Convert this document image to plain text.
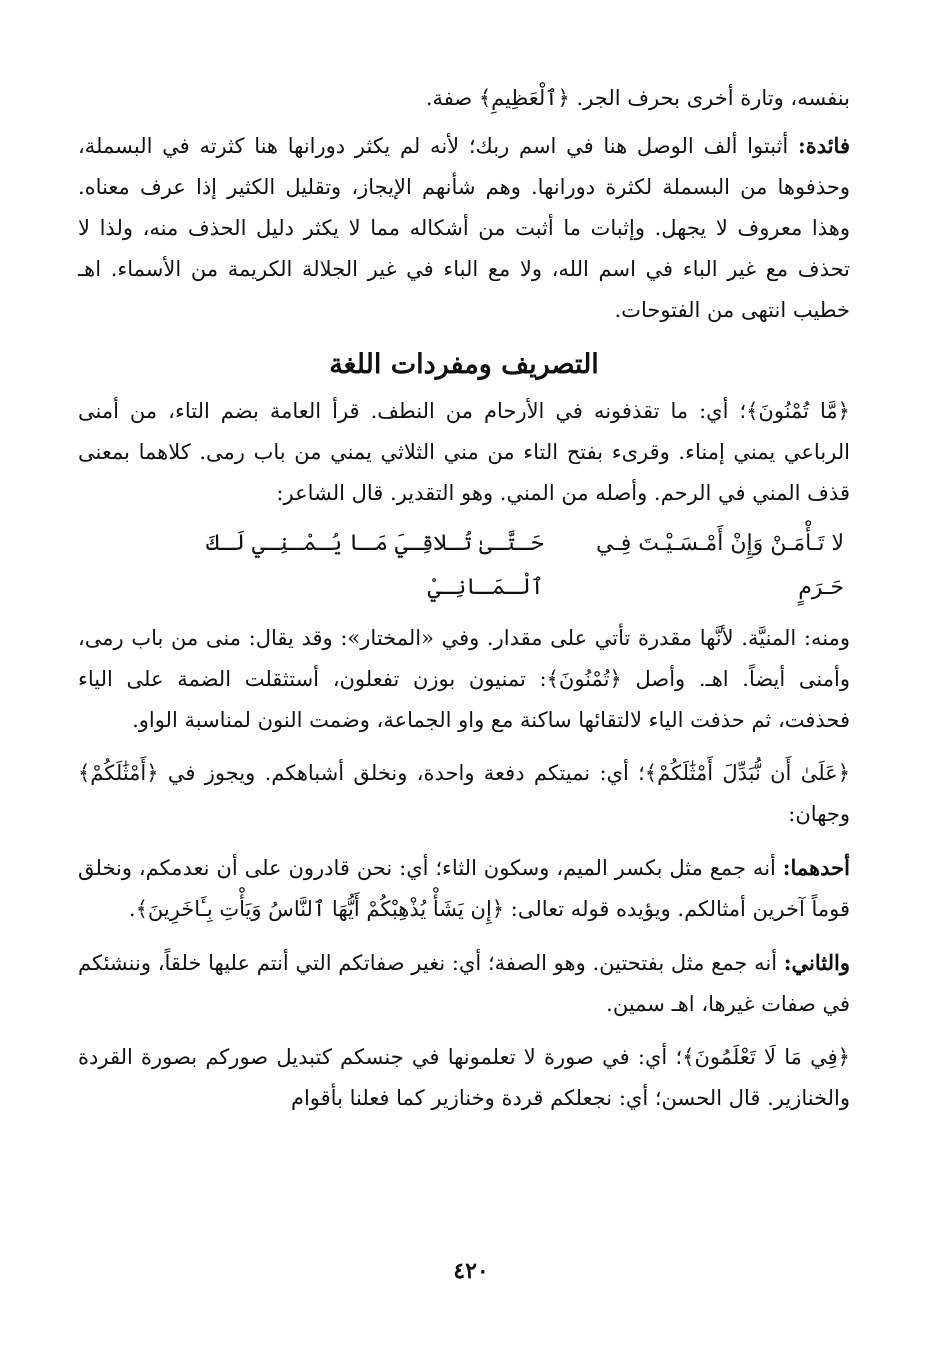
بنفسه، وتارة أخرى بحرف الجر. ﴿ٱلْعَظِيمِ﴾ صفة.

فائدة: أثبتوا ألف الوصل هنا في اسم ربك؛ لأنه لم يكثر دورانها هنا كثرته في البسملة، وحذفوها من البسملة لكثرة دورانها. وهم شأنهم الإيجاز، وتقليل الكثير إذا عرف معناه. وهذا معروف لا يجهل. وإثبات ما أثبت من أشكاله مما لا يكثر دليل الحذف منه، ولذا لا تحذف مع غير الباء في اسم الله، ولا مع الباء في غير الجلالة الكريمة من الأسماء. اهـ خطيب انتهى من الفتوحات.

التصريف ومفردات اللغة

﴿مَّا تُمْنُونَ﴾؛ أي: ما تقذفونه في الأرحام من النطف. قرأ العامة بضم التاء، من أمنى الرباعي يمني إمناء. وقرىء بفتح التاء من مني الثلاثي يمني من باب رمى. كلاهما بمعنى قذف المني في الرحم. وأصله من المني. وهو التقدير. قال الشاعر:

لا تَـأْمَـنْ وَإِنْ أَمْـسَـيْـتَ فِـي حَـرَمٍ
حَـتَّـىٰ تُـلاقِـيَ مَـا يُـمْـنِـي لَـكَ ٱلْـمَـانِـيْ

ومنه: المنيَّة. لأنَّها مقدرة تأتي على مقدار. وفي «المختار»: وقد يقال: منى من باب رمى، وأمنى أيضاً. اهـ. وأصل ﴿تُمْنُونَ﴾: تمنيون بوزن تفعلون، أستثقلت الضمة على الياء فحذفت، ثم حذفت الياء لالتقائها ساكنة مع واو الجماعة، وضمت النون لمناسبة الواو.

﴿عَلَىٰ أَن نُّبَدِّلَ أَمْثَٰلَكُمْ﴾؛ أي: نميتكم دفعة واحدة، ونخلق أشباهكم. ويجوز في ﴿أَمْثَٰلَكُمْ﴾ وجهان:

أحدهما: أنه جمع مثل بكسر الميم، وسكون الثاء؛ أي: نحن قادرون على أن نعدمكم، ونخلق قوماً آخرين أمثالكم. ويؤيده قوله تعالى: ﴿إِن يَشَأْ يُذْهِبْكُمْ أَيُّهَا ٱلنَّاسُ وَيَأْتِ بِـَٔاخَرِينَ﴾.

والثاني: أنه جمع مثل بفتحتين. وهو الصفة؛ أي: نغير صفاتكم التي أنتم عليها خلقاً، وننشئكم في صفات غيرها، اهـ سمين.

﴿فِي مَا لَا تَعْلَمُونَ﴾؛ أي: في صورة لا تعلمونها في جنسكم كتبديل صوركم بصورة القردة والخنازير. قال الحسن؛ أي: نجعلكم قردة وخنازير كما فعلنا بأقوام

٤٢٠
